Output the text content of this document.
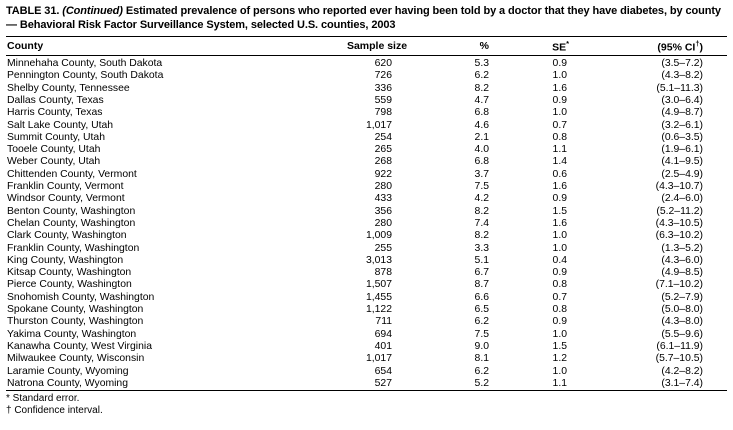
TABLE 31. (Continued) Estimated prevalence of persons who reported ever having been told by a doctor that they have diabetes, by county — Behavioral Risk Factor Surveillance System, selected U.S. counties, 2003
County	Sample size	%	SE*	(95% CI†)
Minnehaha County, South Dakota	620	5.3	0.9	(3.5–7.2)
Pennington County, South Dakota	726	6.2	1.0	(4.3–8.2)
Shelby County, Tennessee	336	8.2	1.6	(5.1–11.3)
Dallas County, Texas	559	4.7	0.9	(3.0–6.4)
Harris County, Texas	798	6.8	1.0	(4.9–8.7)
Salt Lake County, Utah	1,017	4.6	0.7	(3.2–6.1)
Summit County, Utah	254	2.1	0.8	(0.6–3.5)
Tooele County, Utah	265	4.0	1.1	(1.9–6.1)
Weber County, Utah	268	6.8	1.4	(4.1–9.5)
Chittenden County, Vermont	922	3.7	0.6	(2.5–4.9)
Franklin County, Vermont	280	7.5	1.6	(4.3–10.7)
Windsor County, Vermont	433	4.2	0.9	(2.4–6.0)
Benton County, Washington	356	8.2	1.5	(5.2–11.2)
Chelan County, Washington	280	7.4	1.6	(4.3–10.5)
Clark County, Washington	1,009	8.2	1.0	(6.3–10.2)
Franklin County, Washington	255	3.3	1.0	(1.3–5.2)
King County, Washington	3,013	5.1	0.4	(4.3–6.0)
Kitsap County, Washington	878	6.7	0.9	(4.9–8.5)
Pierce County, Washington	1,507	8.7	0.8	(7.1–10.2)
Snohomish County, Washington	1,455	6.6	0.7	(5.2–7.9)
Spokane County, Washington	1,122	6.5	0.8	(5.0–8.0)
Thurston County, Washington	711	6.2	0.9	(4.3–8.0)
Yakima County, Washington	694	7.5	1.0	(5.5–9.6)
Kanawha County, West Virginia	401	9.0	1.5	(6.1–11.9)
Milwaukee County, Wisconsin	1,017	8.1	1.2	(5.7–10.5)
Laramie County, Wyoming	654	6.2	1.0	(4.2–8.2)
Natrona County, Wyoming	527	5.2	1.1	(3.1–7.4)
* Standard error.
† Confidence interval.
